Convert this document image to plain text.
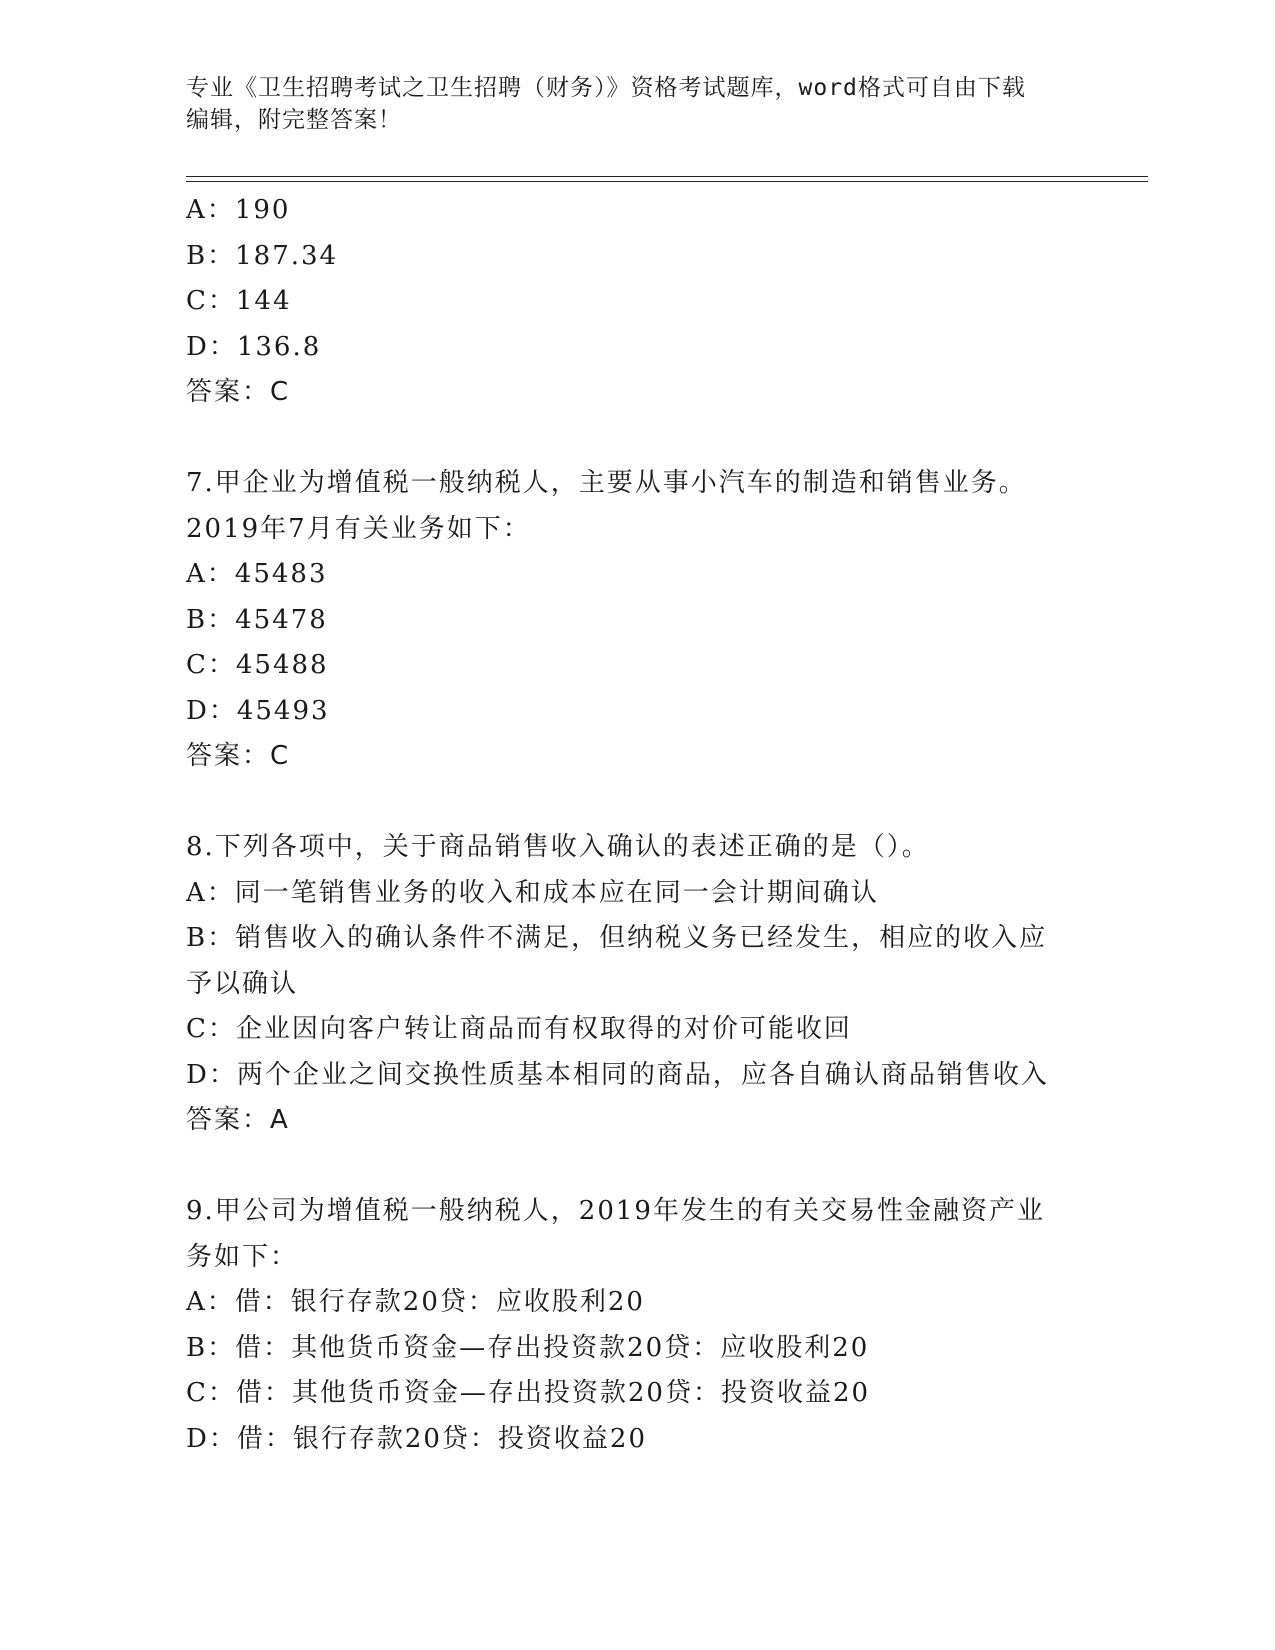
专业《卫生招聘考试之卫生招聘（财务）》资格考试题库，word格式可自由下载
编辑，附完整答案！
A：190
B：187.34
C：144
D：136.8
答案：C
7.甲企业为增值税一般纳税人，主要从事小汽车的制造和销售业务。
2019年7月有关业务如下：
A：45483
B：45478
C：45488
D：45493
答案：C
8.下列各项中，关于商品销售收入确认的表述正确的是（）。
A：同一笔销售业务的收入和成本应在同一会计期间确认
B：销售收入的确认条件不满足，但纳税义务已经发生，相应的收入应
予以确认
C：企业因向客户转让商品而有权取得的对价可能收回
D：两个企业之间交换性质基本相同的商品，应各自确认商品销售收入
答案：A
9.甲公司为增值税一般纳税人，2019年发生的有关交易性金融资产业
务如下：
A：借：银行存款20贷：应收股利20
B：借：其他货币资金—存出投资款20贷：应收股利20
C：借：其他货币资金—存出投资款20贷：投资收益20
D：借：银行存款20贷：投资收益20
